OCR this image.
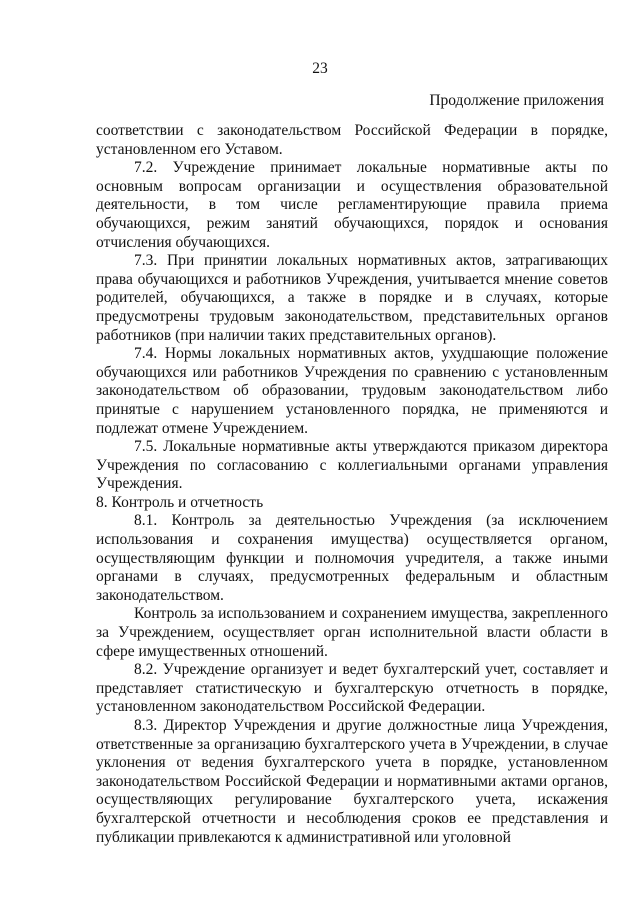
23
Продолжение приложения

соответствии с законодательством Российской Федерации в порядке, установленном его Уставом.

7.2. Учреждение принимает локальные нормативные акты по основным вопросам организации и осуществления образовательной деятельности, в том числе регламентирующие правила приема обучающихся, режим занятий обучающихся, порядок и основания отчисления обучающихся.

7.3. При принятии локальных нормативных актов, затрагивающих права обучающихся и работников Учреждения, учитывается мнение советов родителей, обучающихся, а также в порядке и в случаях, которые предусмотрены трудовым законодательством, представительных органов работников (при наличии таких представительных органов).

7.4. Нормы локальных нормативных актов, ухудшающие положение обучающихся или работников Учреждения по сравнению с установленным законодательством об образовании, трудовым законодательством либо принятые с нарушением установленного порядка, не применяются и подлежат отмене Учреждением.

7.5. Локальные нормативные акты утверждаются приказом директора Учреждения по согласованию с коллегиальными органами управления Учреждения.

8. Контроль и отчетность

8.1. Контроль за деятельностью Учреждения (за исключением использования и сохранения имущества) осуществляется органом, осуществляющим функции и полномочия учредителя, а также иными органами в случаях, предусмотренных федеральным и областным законодательством.

Контроль за использованием и сохранением имущества, закрепленного за Учреждением, осуществляет орган исполнительной власти области в сфере имущественных отношений.

8.2. Учреждение организует и ведет бухгалтерский учет, составляет и представляет статистическую и бухгалтерскую отчетность в порядке, установленном законодательством Российской Федерации.

8.3. Директор Учреждения и другие должностные лица Учреждения, ответственные за организацию бухгалтерского учета в Учреждении, в случае уклонения от ведения бухгалтерского учета в порядке, установленном законодательством Российской Федерации и нормативными актами органов, осуществляющих регулирование бухгалтерского учета, искажения бухгалтерской отчетности и несоблюдения сроков ее представления и публикации привлекаются к административной или уголовной
